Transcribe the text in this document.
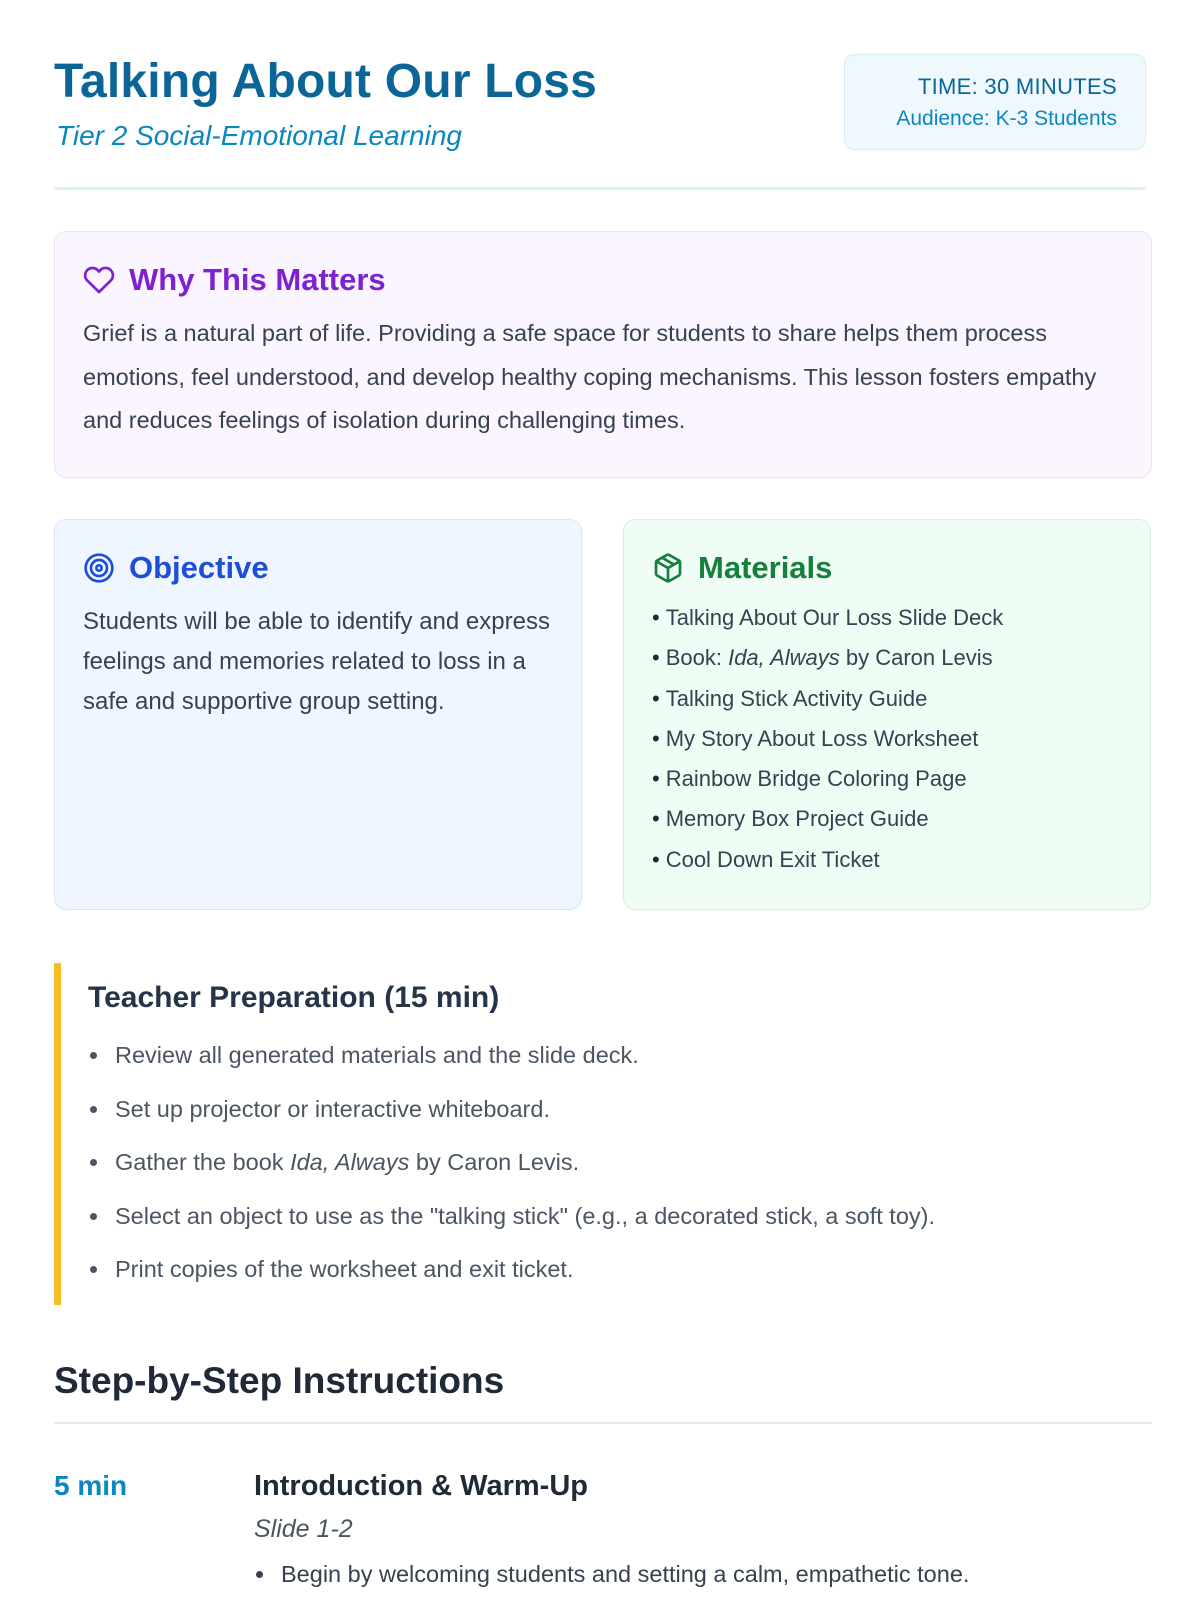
Talking About Our Loss
Tier 2 Social-Emotional Learning
TIME: 30 MINUTES
Audience: K-3 Students
Why This Matters

Grief is a natural part of life. Providing a safe space for students to share helps them process emotions, feel understood, and develop healthy coping mechanisms. This lesson fosters empathy and reduces feelings of isolation during challenging times.

Objective

Students will be able to identify and express feelings and memories related to loss in a safe and supportive group setting.

Materials
• Talking About Our Loss Slide Deck
• Book: Ida, Always by Caron Levis
• Talking Stick Activity Guide
• My Story About Loss Worksheet
• Rainbow Bridge Coloring Page
• Memory Box Project Guide
• Cool Down Exit Ticket
Teacher Preparation (15 min)
Review all generated materials and the slide deck.
Set up projector or interactive whiteboard.
Gather the book Ida, Always by Caron Levis.
Select an object to use as the "talking stick" (e.g., a decorated stick, a soft toy).
Print copies of the worksheet and exit ticket.
Step-by-Step Instructions
5 min	Introduction & Warm-Up
Slide 1-2
Begin by welcoming students and setting a calm, empathetic tone.
